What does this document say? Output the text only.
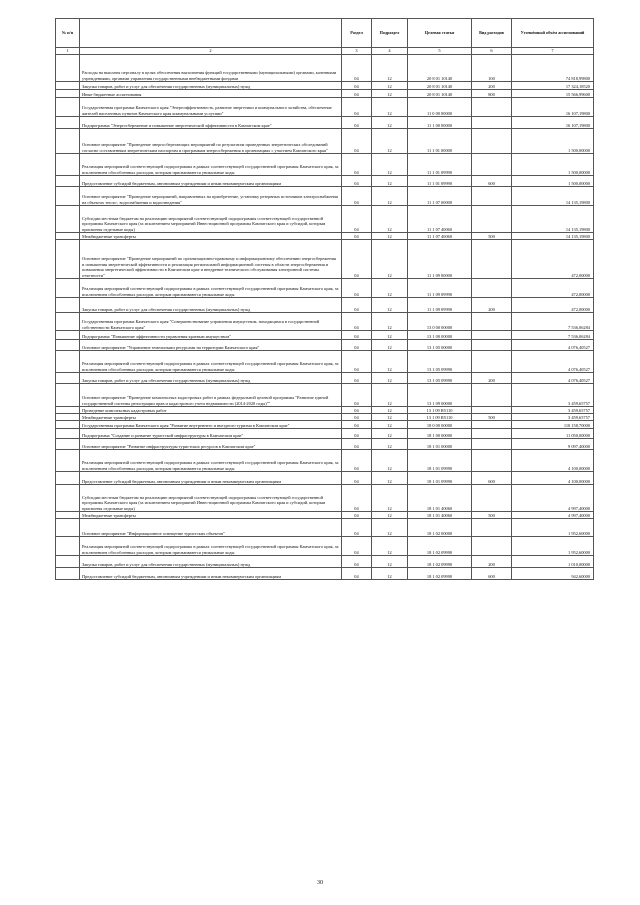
№ п/п		Раздел	Подраздел	Целевая статья	Вид расходов	Уточнённый объём ассигнований
1	2	3	4	5	6	7
	Расходы на выплаты персоналу в целях обеспечения выполнения функций государственными (муниципальными) органами, казенными учреждениями, органами управления государственными внебюджетными фондами	04	12	20 8 01 10140	100	74 818,99800
	Закупка товаров, работ и услуг для обеспечения государственных (муниципальных) нужд	04	12	20 8 01 10140	200	17 324,18520
	Иные бюджетные ассигнования	04	12	20 8 01 10140	800	15 566,99600
	Государственная программа Камчатского края "Энергоэффективность, развитие энергетики и коммунального хозяйства, обеспечение жителей населенных пунктов Камчатского края коммунальными услугами"	04	12	11 0 00 00000		16 107,19800
	Подпрограмма "Энергосбережение и повышение энергетической эффективности в Камчатском крае"	04	12	11 1 00 00000		16 107,19800
	Основное мероприятие "Проведение энергосберегающих мероприятий по результатам проведенных энергетических обследований согласно составленным энергетическим паспортам и программам энергосбережения в организациях с участием Камчатского края"	04	12	11 1 01 00000		1 500,00000
	Реализация мероприятий соответствующей подпрограммы в рамках соответствующей государственной программы Камчатского края, за исключением обособленных расходов, которым присваиваются уникальные коды	04	12	11 1 01 09990		1 500,00000
	Предоставление субсидий бюджетным, автономным учреждениям и иным некоммерческим организациям	04	12	11 1 01 09990	600	1 500,00000
	Основное мероприятие "Проведение мероприятий, направленных на приобретение, установку резервных источников электроснабжения на объектах тепло-, водоснабжения и водоотведения"	04	12	11 1 07 00000		14 135,19800
	Субсидии местным бюджетам на реализацию мероприятий соответствующей подпрограммы соответствующей государственной программы Камчатского края (за исключением мероприятий Инвестиционной программы Камчатского края и субсидий, которым присвоены отдельные коды)	04	12	11 1 07 40060		14 135,19800
	Межбюджетные трансферты	04	12	11 1 07 40060	500	14 135,19800
	Основное мероприятие "Проведение мероприятий по организационно-правовому и информационному обеспечению энергосбережения и повышения энергетической эффективности и реализация региональной информационной системы в области энергосбережения и повышения энергетической эффективности в Камчатском крае и внедрение технического обслуживания электронной системы отчетности"	04	12	11 1 09 00000		472,00000
	Реализация мероприятий соответствующей подпрограммы в рамках соответствующей государственной программы Камчатского края, за исключением обособленных расходов, которым присваиваются уникальные коды	04	12	11 1 09 09990		472,00000
	Закупка товаров, работ и услуг для обеспечения государственных (муниципальных) нужд	04	12	11 1 09 09990	200	472,00000
	Государственная программа Камчатского края "Совершенствование управления имуществом, находящимся в государственной собственности Камчатского края"	04	12	13 0 00 00000		7 536,06284
	Подпрограмма "Повышение эффективности управления краевым имуществом"	04	12	13 1 00 00000		7 536,06284
	Основное мероприятие "Управление земельными ресурсами на территории Камчатского края"	04	12	13 1 05 00000		4 076,40527
	Реализация мероприятий соответствующей подпрограммы в рамках соответствующей государственной программы Камчатского края, за исключением обособленных расходов, которым присваиваются уникальные коды	04	12	13 1 05 09990		4 076,40527
	Закупка товаров, работ и услуг для обеспечения государственных (муниципальных) нужд	04	12	13 1 05 09990	200	4 076,40527
	Основное мероприятие "Проведение комплексных кадастровых работ в рамках федеральной целевой программы "Развитие единой государственной системы регистрации прав и кадастрового учета недвижимости (2014-2020 годы)""	04	12	13 1 09 00000		3 459,65757
	Проведение комплексных кадастровых работ	04	12	13 1 09 R5110		3 459,65757
	Межбюджетные трансферты	04	12	13 1 09 R5110	500	3 459,65757
	Государственная программа Камчатского края "Развитие внутреннего и въездного туризма в Камчатском крае"	04	12	18 0 00 00000		110 158,70000
	Подпрограмма "Создание и развитие туристской инфраструктуры в Камчатском крае"	04	12	18 1 00 00000		11 050,00000
	Основное мероприятие "Развитие инфраструктуры туристских ресурсов в Камчатском крае"	04	12	18 1 01 00000		9 097,40000
	Реализация мероприятий соответствующей подпрограммы в рамках соответствующей государственной программы Камчатского края, за исключением обособленных расходов, которым присваиваются уникальные коды	04	12	18 1 01 09990		4 100,00000
	Предоставление субсидий бюджетным, автономным учреждениям и иным некоммерческим организациям	04	12	18 1 01 09990	600	4 100,00000
	Субсидии местным бюджетам на реализацию мероприятий соответствующей подпрограммы соответствующей государственной программы Камчатского края (за исключением мероприятий Инвестиционной программы Камчатского края и субсидий, которым присвоены отдельные коды)	04	12	18 1 01 40060		4 997,40000
	Межбюджетные трансферты	04	12	18 1 01 40060	500	4 997,40000
	Основное мероприятие "Информационное освещение туристских объектов"	04	12	18 1 02 00000		1 952,60000
	Реализация мероприятий соответствующей подпрограммы в рамках соответствующей государственной программы Камчатского края, за исключением обособленных расходов, которым присваиваются уникальные коды	04	12	18 1 02 09990		1 952,60000
	Закупка товаров, работ и услуг для обеспечения государственных (муниципальных) нужд	04	12	18 1 02 09990	200	1 010,00000
	Предоставление субсидий бюджетным, автономным учреждениям и иным некоммерческим организациям	04	12	18 1 02 09990	600	942,60000
30
